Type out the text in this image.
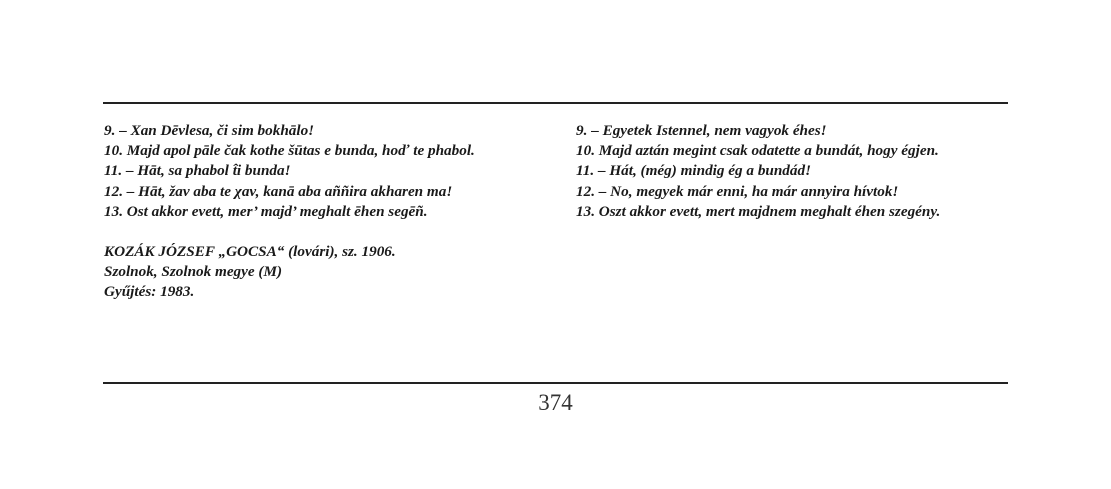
9. – Xan Dēvlesa, či sim bokhālo!
10. Majd apol pāle čak kothe šūtas e bunda, hoď te phabol.
11. – Hāt, sa phabol t̂i bunda!
12. – Hāt, žav aba te χav, kanā aba aññira akharen ma!
13. Ost akkor evett, mer’ majd’ meghalt ēhen segēñ.
KOZÁK JÓZSEF „GOCSA“ (lovári), sz. 1906.
Szolnok, Szolnok megye (M)
Gyűjtés: 1983.
9. – Egyetek Istennel, nem vagyok éhes!
10. Majd aztán megint csak odatette a bundát, hogy égjen.
11. – Hát, (még) mindig ég a bundád!
12. – No, megyek már enni, ha már annyira hívtok!
13. Oszt akkor evett, mert majdnem meghalt éhen szegény.
374
